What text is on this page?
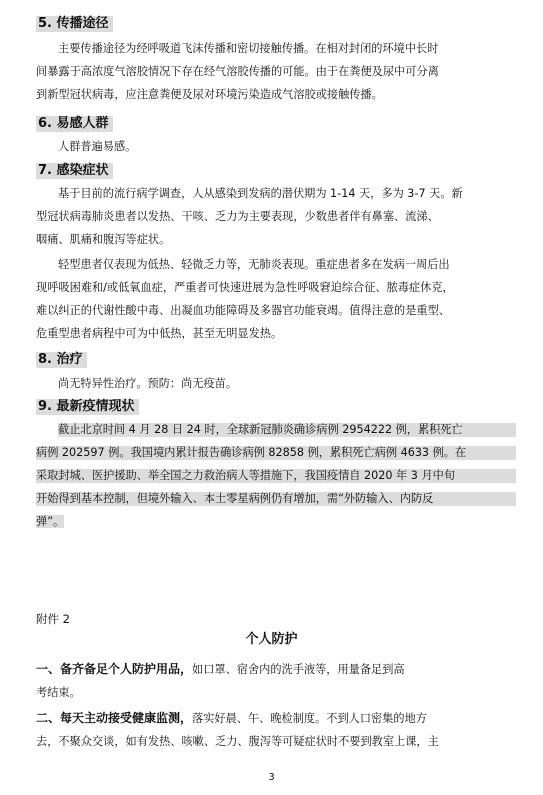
5. 传播途径
主要传播途径为经呼吸道飞沫传播和密切接触传播。在相对封闭的环境中长时
间暴露于高浓度气溶胶情况下存在经气溶胶传播的可能。由于在粪便及尿中可分离
到新型冠状病毒，应注意粪便及尿对环境污染造成气溶胶或接触传播。
6. 易感人群
人群普遍易感。
7. 感染症状
基于目前的流行病学调查，人从感染到发病的潜伏期为 1-14 天，多为 3-7 天。新
型冠状病毒肺炎患者以发热、干咳、乏力为主要表现，少数患者伴有鼻塞、流涕、
咽痛、肌痛和腹泻等症状。
轻型患者仅表现为低热、轻微乏力等，无肺炎表现。重症患者多在发病一周后出
现呼吸困难和/或低氧血症，严重者可快速进展为急性呼吸窘迫综合征、脓毒症休克，
难以纠正的代谢性酸中毒、出凝血功能障碍及多器官功能衰竭。值得注意的是重型、
危重型患者病程中可为中低热，甚至无明显发热。
8. 治疗
尚无特异性治疗。预防：尚无疫苗。
9. 最新疫情现状
截止北京时间 4 月 28 日 24 时，全球新冠肺炎确诊病例 2954222 例，累积死亡
病例 202597 例。我国境内累计报告确诊病例 82858 例，累积死亡病例 4633 例。在
采取封城、医护援助、举全国之力救治病人等措施下，我国疫情自 2020 年 3 月中旬
开始得到基本控制，但境外输入、本土零星病例仍有增加，需“外防输入、内防反
弹”。
附件 2
个人防护
一、备齐备足个人防护用品，如口罩、宿舍内的洗手液等，用量备足到高
考结束。
二、每天主动接受健康监测，落实好晨、午、晚检制度。不到人口密集的地方
去，不聚众交谈，如有发热、咳嗽、乏力、腹泻等可疑症状时不要到教室上课，主
3
